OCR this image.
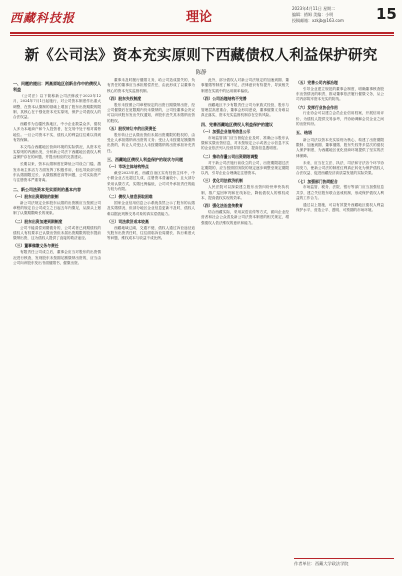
西藏科技报	理论
2023年4月11日 星期二
编辑：措姆 美编：小明
投稿邮箱：xzkjb@163.com 15
新《公司法》资本充实原则下西藏债权人利益保护研究
陈静
一、问题的提出：两高原地区创新合作中的债权人利益

《公司法》以下简称新公司法修改于2023年12月，2024年7月1日起施行，对公司资本制度作出重大调整，在资本认缴制的基础上增加了股东出资期限的限制，其核心在于强化资本充实原则，保护公司债权人的合法权益。

西藏作为边疆民族地区，中小企业数量众多，债权人多为本地商户和个人投资者，在交易中处于相对弱势地位。一旦公司资本不实，债权人的利益往往难以得到有效保障。

本文结合西藏地区营商环境的实际情况，从资本充实原则的内涵出发，分析新公司法下西藏地区债权人利益保护存在的问题，并提出相应的完善建议。

长期以来，资本认缴制度在降低公司设立门槛、激发市场主体活力方面发挥了积极作用，但也导致部分股东认缴期限过长、认缴数额虚高等问题，公司实际资产与注册资本严重背离。

二、新公司法资本充实原则的基本内容
（一）股东出资期限的限制

新公司法规定全体股东认缴的出资额应当按照公司章程的规定自公司成立之日起五年内缴足，从源头上遏制了认缴期限畸长的现象。

（二）股东出资加速到期制度

公司不能清偿到期债务的，公司或者已到期债权的债权人有权要求已认缴出资但未届出资期限的股东提前缴纳出资，这为债权人提供了直接的救济途径。

（三）董事催缴义务与责任

有限责任公司成立后，董事会应当对股东的出资情况进行核查，发现股东未按期足额缴纳出资的，应当由公司向该股东发出书面催缴书，催缴出资。

董事未及时履行催缴义务，给公司造成损失的，负有责任的董事应当承担赔偿责任，由此形成了以董事为核心的资本充实监督机制。

（四）股东失权制度

股东未按照公司章程规定的出资日期缴纳出资，经公司催缴后在宽限期内仍未缴纳的，公司经董事会决议可以向该股东发出失权通知，该股东丧失其未缴纳出资的股权。

（五）股权转让中的出资责任

股东转让已认缴出资但未届出资期限的股权的，由受让人承担缴纳该出资的义务；受让人未按期足额缴纳出资的，转让人对受让人未按期缴纳的出资承担补充责任。

三、西藏地区债权人利益保护的现状与问题
（一）市场主体结构特点

截至2023年底，西藏自治区实有经营主体中，中小微企业占比超过九成，注册资本普遍较小，且大部分采用认缴方式，实缴比例偏低，公司对外承担责任的能力较为有限。

（二）债权人信息获取困难

国家企业信用信息公示系统虽然公示了股东的认缴及实缴情况，但部分地区企业信息更新不及时，债权人难以据此判断交易对象的真实偿债能力。

（三）司法救济成本较高

西藏地域辽阔，交通不便，债权人通过诉讼途径追究股东出资责任时，往往面临诉讼周期长、执行难度大等问题，维权成本与收益不成比例。

此外，部分债权人对新公司法规定的加速到期、董事催缴等制度了解不足，法律意识有待提升，导致相关制度在实践中的运用频率偏低。

（四）公司治理结构不完善

西藏地区不少有限责任公司为家族式经营，股东与管理层高度重合，董事会形同虚设，董事催缴义务难以真正落实，资本充实监督机制存在空转风险。

四、完善西藏地区债权人利益保护的建议
（一）加强企业信用信息公示

市场监管部门应当督促企业及时、准确公示股东认缴和实缴出资信息，对未按规定公示或者公示信息不实的企业依法列入经营异常名录，提高信息透明度。

（二）推动存量公司出资期限调整

对于新公司法施行前设立的公司，出资期限超过法定期限的，应当按照国务院的规定逐步调整至规定期限以内，引导企业合理确定注册资本。

（三）优化司法救济机制

人民法院可以探索建立股东出资纠纷快审快执机制，推广巡回审判和在线诉讼，降低债权人的维权成本，提高债权实现的效率。

（四）强化法治宣传教育

结合西藏实际，采用双语宣传等方式，面向企业经营者和社会公众普及新公司法资本制度的相关规定，增强债权人依法维权的意识和能力。

（五）完善公司内部治理

引导企业建立规范的董事会制度，明确董事核查股东出资情况的职责，推动董事依法履行催缴义务，从公司内部筑牢资本充实的防线。

（六）发挥行业协会作用

行业协会可以建立会员企业信用档案，开展信用评价，为债权人提供交易参考，并协助调解会员企业之间的出资纠纷。

五、结语

新公司法以资本充实原则为核心，构建了出资期限限制、加速到期、董事催缴、股东失权等多层次的债权人保护制度，为西藏地区优化营商环境提供了坚实的法律保障。

未来，应当在立法、执法、司法和守法各个环节协同发力，使新公司法的制度红利真正转化为保护债权人合法权益、促进西藏经济高质量发展的实际效果。

（七）加强部门协同配合

市场监管、税务、法院、银行等部门应当加强信息共享，建立失信股东联合惩戒机制，形成保护债权人利益的工作合力。

通过以上措施，可以有效提升西藏地区债权人利益保护水平，营造公平、透明、可预期的市场环境。

作者单位：西藏大学政法学院
